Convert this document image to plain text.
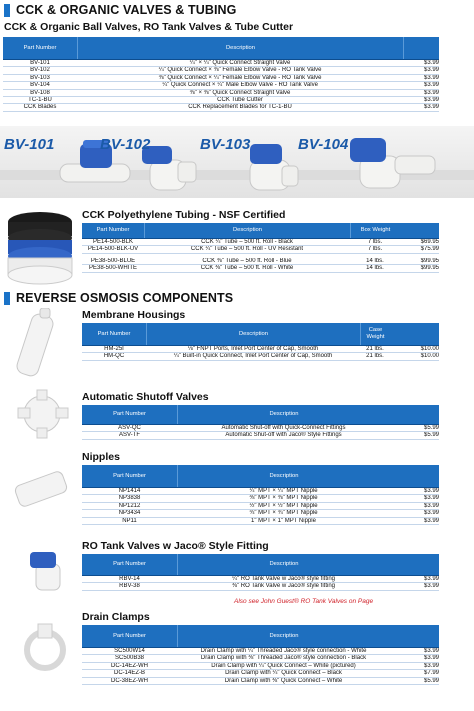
CCK & ORGANIC VALVES & TUBING
CCK & Organic Ball Valves, RO Tank Valves & Tube Cutter
Part Number	Description
BV-101	¼" × ¼" Quick Connect Straight Valve	$3.99
BV-102	¼" Quick Connect × ⅜" Female Elbow Valve - RO Tank Valve	$3.99
BV-103	⅜" Quick Connect × ¼" Female Elbow Valve - RO Tank Valve	$3.99
BV-104	¼" Quick Connect × ¼" Male Elbow Valve - RO Tank Valve	$3.99
BV-108	⅜" × ⅜" Quick Connect Straight Valve	$3.99
TC-1-BU	CCK Tube Cutter	$3.99
CCK Blades	CCK Replacement Blades for TC-1-BU	$3.99
BV-101	BV-102	BV-103	BV-104
CCK Polyethylene Tubing - NSF Certified
Part Number	Description	Box Weight
PE14-500-BLK	CCK ¼" Tube – 500 ft. Roll - Black	7 lbs.	$69.95
PE14-500-BLK-UV	CCK ¼" Tube – 500 ft. Roll - UV Resistant	7 lbs.	$75.99
PE38-500-BLUE	CCK ⅜" Tube – 500 ft. Roll - Blue	14 lbs.	$99.95
PE38-500-WHITE	CCK ⅜" Tube – 500 ft. Roll - White	14 lbs.	$99.95
REVERSE OSMOSIS COMPONENTS
Membrane Housings
Part Number	Description
Case Weight
HM-25I	⅛" FNPT Ports, Inlet Port Center of Cap, Smooth	21 lbs.	$10.00
HM-QC	¼" Built-in Quick Connect, Inlet Port Center of Cap, Smooth	21 lbs.	$10.00
Automatic Shutoff Valves
Part Number	Description
ASV-QC	Automatic Shut-off with Quick-Connect Fittings	$5.99
ASV-TF	Automatic Shut-off with Jaco® Style Fittings	$5.99
Nipples
Part Number	Description
NP1414	¼" MPT × ¼" MPT Nipple	$3.99
NP3838	⅜" MPT × ⅜" MPT Nipple	$3.99
NP1212	½" MPT × ½" MPT Nipple	$3.99
NP3434	¾" MPT × ¾" MPT Nipple	$3.99
NP11	1" MPT × 1" MPT Nipple	$3.99
RO Tank Valves w Jaco® Style Fitting
Part Number	Description
RBV-14	¼" RO Tank Valve w Jaco® style fitting	$3.99
RBV-38	⅜" RO Tank Valve w Jaco® style fitting	$3.99
Also see John Guest® RO Tank Valves on Page
Drain Clamps
Part Number	Description
SC500W14	Drain Clamp with ¼" Threaded Jaco® style connection - White	$3.99
SC500B38	Drain Clamp with ⅜" Threaded Jaco® style connection - Black	$3.99
DC-14EZ-WH	Drain Clamp with ¼" Quick Connect – White (pictured)	$3.99
DC-14EZ-B	Drain Clamp with ¼" Quick Connect – Black	$7.99
DC-38EZ-WH	Drain Clamp with ⅜" Quick Connect – White	$5.99
